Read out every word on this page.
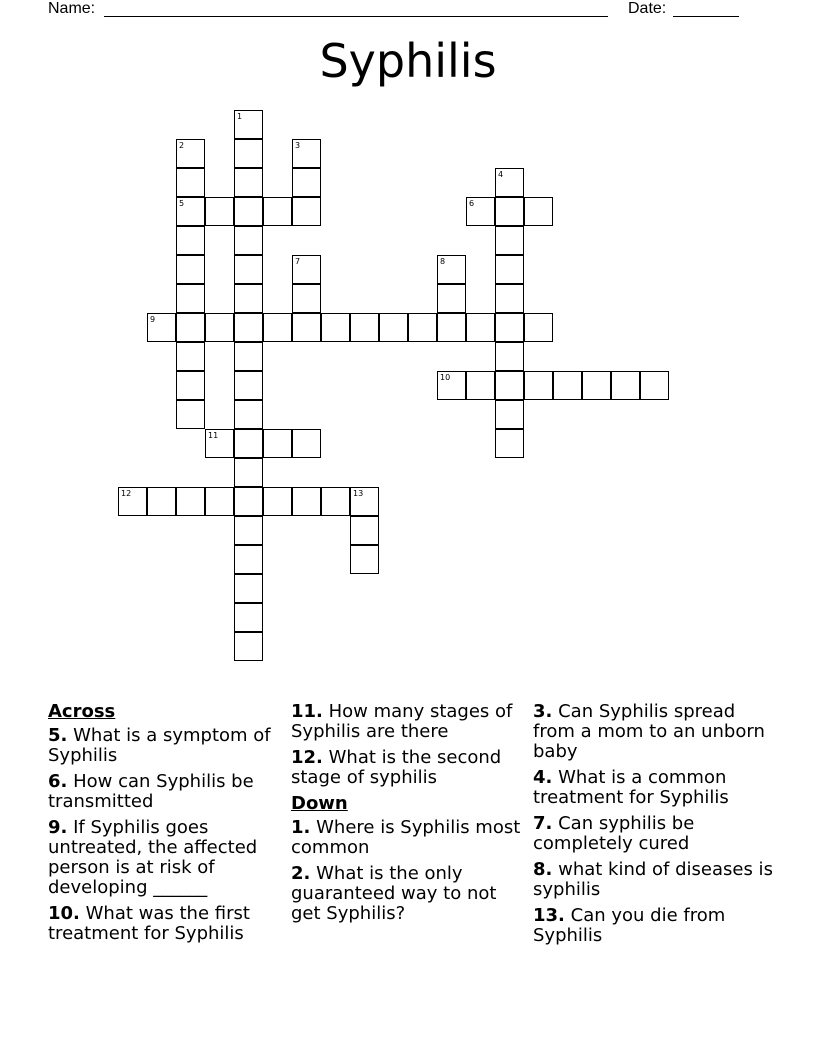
Name:	Date:
Syphilis
1
2	3
4
5	6
7	8
9
10
11
12	13
Across
5. What is a symptom of Syphilis
6. How can Syphilis be transmitted
9. If Syphilis goes untreated, the affected person is at risk of developing ______
10. What was the first treatment for Syphilis
11. How many stages of Syphilis are there
12. What is the second stage of syphilis
Down
1. Where is Syphilis most common
2. What is the only guaranteed way to not get Syphilis?
3. Can Syphilis spread from a mom to an unborn baby
4. What is a common treatment for Syphilis
7. Can syphilis be completely cured
8. what kind of diseases is syphilis
13. Can you die from Syphilis
